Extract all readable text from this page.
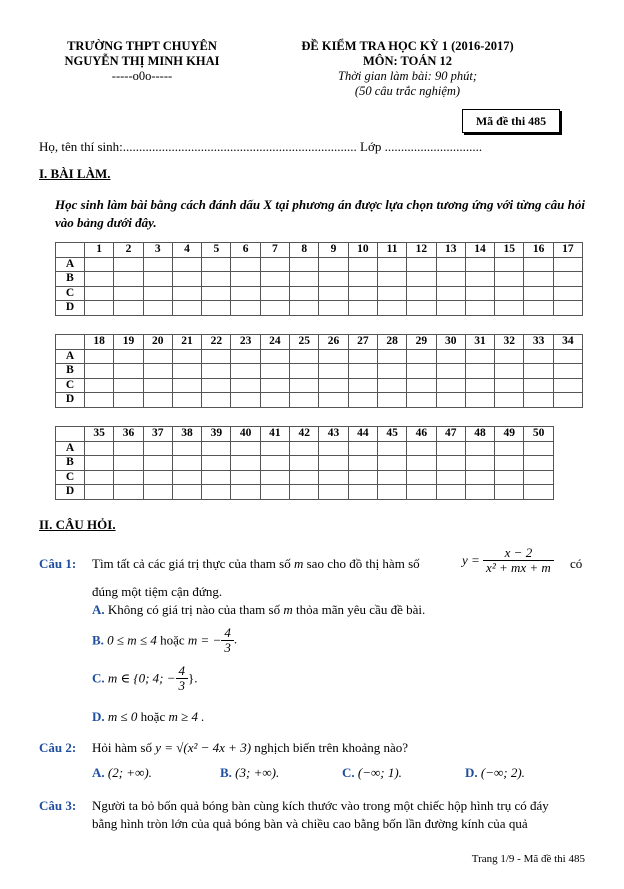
TRƯỜNG THPT CHUYÊN
NGUYỄN THỊ MINH KHAI
-----o0o-----
ĐỀ KIỂM TRA HỌC KỲ 1 (2016-2017)
MÔN: TOÁN 12
Thời gian làm bài: 90 phút;
(50 câu trắc nghiệm)
Mã đề thi 485
Họ, tên thí sinh:........................................................................ Lớp ..............................
I. BÀI LÀM.
Học sinh làm bài bằng cách đánh dấu X tại phương án được lựa chọn tương ứng với từng câu hỏi vào bảng dưới đây.
	1	2	3	4	5	6	7	8	9	10	11	12	13	14	15	16	17
A																	
B																	
C																	
D																	
	18	19	20	21	22	23	24	25	26	27	28	29	30	31	32	33	34
A																	
B																	
C																	
D																	
	35	36	37	38	39	40	41	42	43	44	45	46	47	48	49	50
A																
B																
C																
D																
II. CÂU HỎI.
Câu 1: Tìm tất cả các giá trị thực của tham số m sao cho đồ thị hàm số	$y = \frac{x - 2}{\text{x² + mx + m}}$ có
đúng một tiệm cận đứng.
A. Không có giá trị nào của tham số m thỏa mãn yêu cầu đề bài.
B. 0 ≤ m ≤ 4 hoặc m = − $\frac{4}{3}$ .
C. m ∈ {0; 4; − $\frac{4}{3}$ }.
D. m ≤ 0 hoặc m ≥ 4 .
Câu 2: Hỏi hàm số y = √(x² − 4x + 3) nghịch biến trên khoảng nào?
A. (2; +∞).	B. (3; +∞).	C. (−∞; 1).	D. (−∞; 2).
Câu 3: Người ta bỏ bốn quả bóng bàn cùng kích thước vào trong một chiếc hộp hình trụ có đáy
bằng hình tròn lớn của quả bóng bàn và chiều cao bằng bốn lần đường kính của quả
Trang 1/9 - Mã đề thi 485
